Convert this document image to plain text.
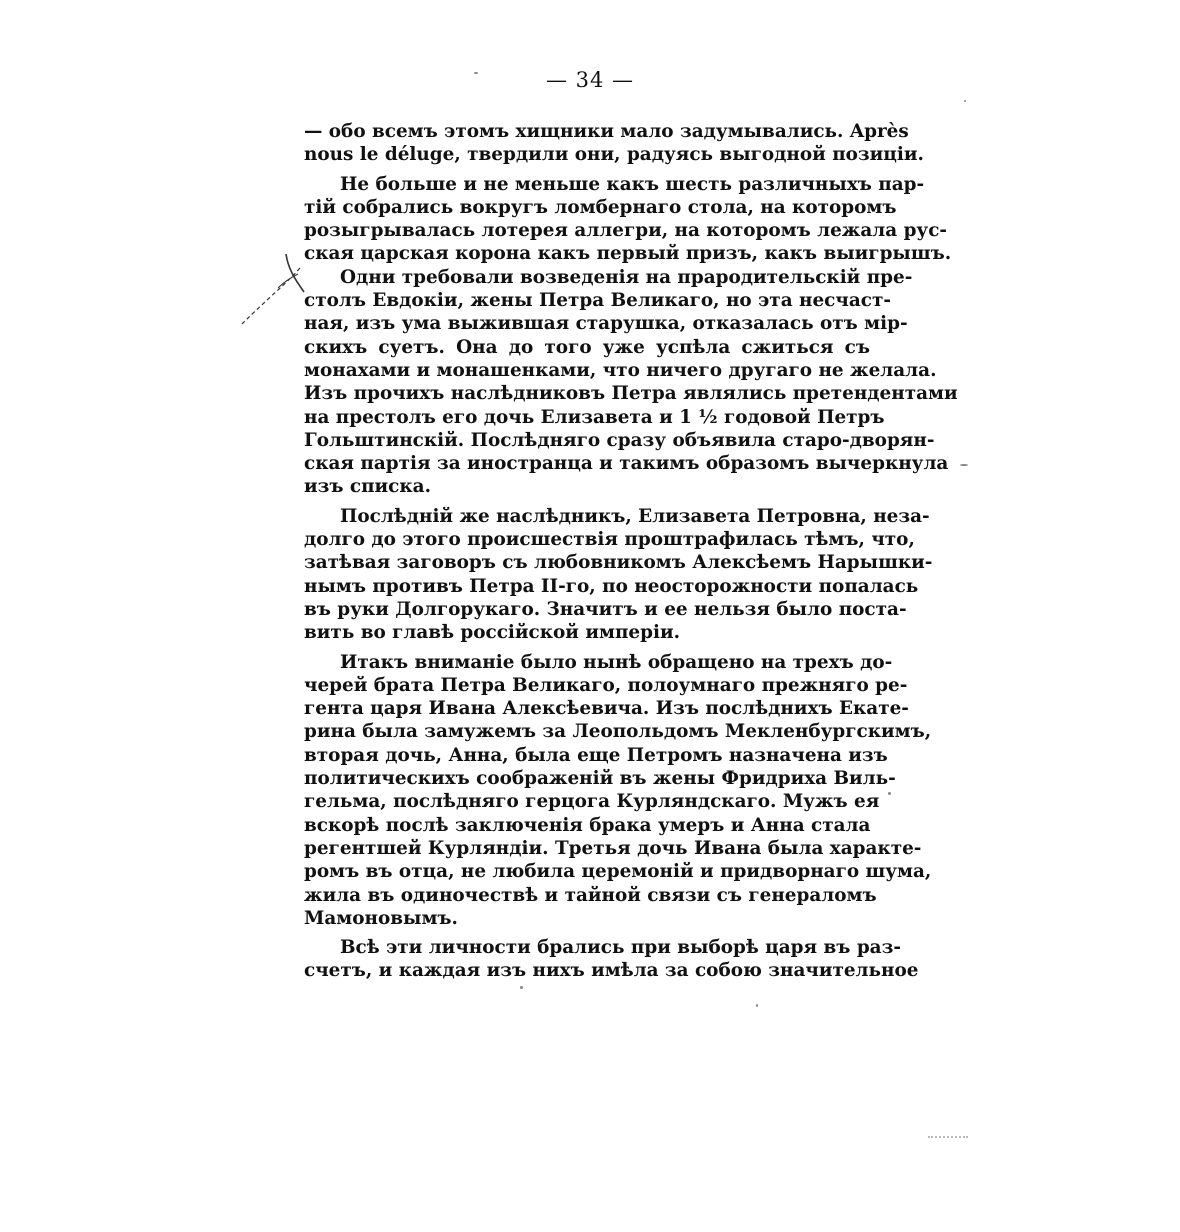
— 34 —
— обо всемъ этомъ хищники мало задумывались. Après
nous le déluge, твердили они, радуясь выгодной позиціи.
Не больше и не меньше какъ шесть различныхъ пар-
тій собрались вокругъ ломбернаго стола, на которомъ
розыгрывалась лотерея аллегри, на которомъ лежала рус-
ская царская корона какъ первый призъ, какъ выигрышъ.
Одни требовали возведенія на прародительскій пре-
столъ Евдокіи, жены Петра Великаго, но эта несчаст-
ная, изъ ума выжившая старушка, отказалась отъ мір-
скихъ суетъ. Она до того уже успѣла сжиться съ
монахами и монашенками, что ничего другаго не желала.
Изъ прочихъ наслѣдниковъ Петра являлись претендентами
на престолъ его дочь Елизавета и 1 ½ годовой Петръ
Гольштинскій. Послѣдняго сразу объявила старо-дворян-
ская партія за иностранца и такимъ образомъ вычеркнула
изъ списка.
Послѣдній же наслѣдникъ, Елизавета Петровна, неза-
долго до этого происшествія проштрафилась тѣмъ, что,
затѣвая заговоръ съ любовникомъ Алексѣемъ Нарышки-
нымъ противъ Петра II-го, по неосторожности попалась
въ руки Долгорукаго. Значитъ и ее нельзя было поста-
вить во главѣ россійской имперіи.
Итакъ вниманіе было нынѣ обращено на трехъ до-
черей брата Петра Великаго, полоумнаго прежняго ре-
гента царя Ивана Алексѣевича. Изъ послѣднихъ Екате-
рина была замужемъ за Леопольдомъ Мекленбургскимъ,
вторая дочь, Анна, была еще Петромъ назначена изъ
политическихъ соображеній въ жены Фридриха Виль-
гельма, послѣдняго герцога Курляндскаго. Мужъ ея
вскорѣ послѣ заключенія брака умеръ и Анна стала
регентшей Курляндіи. Третья дочь Ивана была характе-
ромъ въ отца, не любила церемоній и придворнаго шума,
жила въ одиночествѣ и тайной связи съ генераломъ
Мамоновымъ.
Всѣ эти личности брались при выборѣ царя въ раз-
счетъ, и каждая изъ нихъ имѣла за собою значительное
